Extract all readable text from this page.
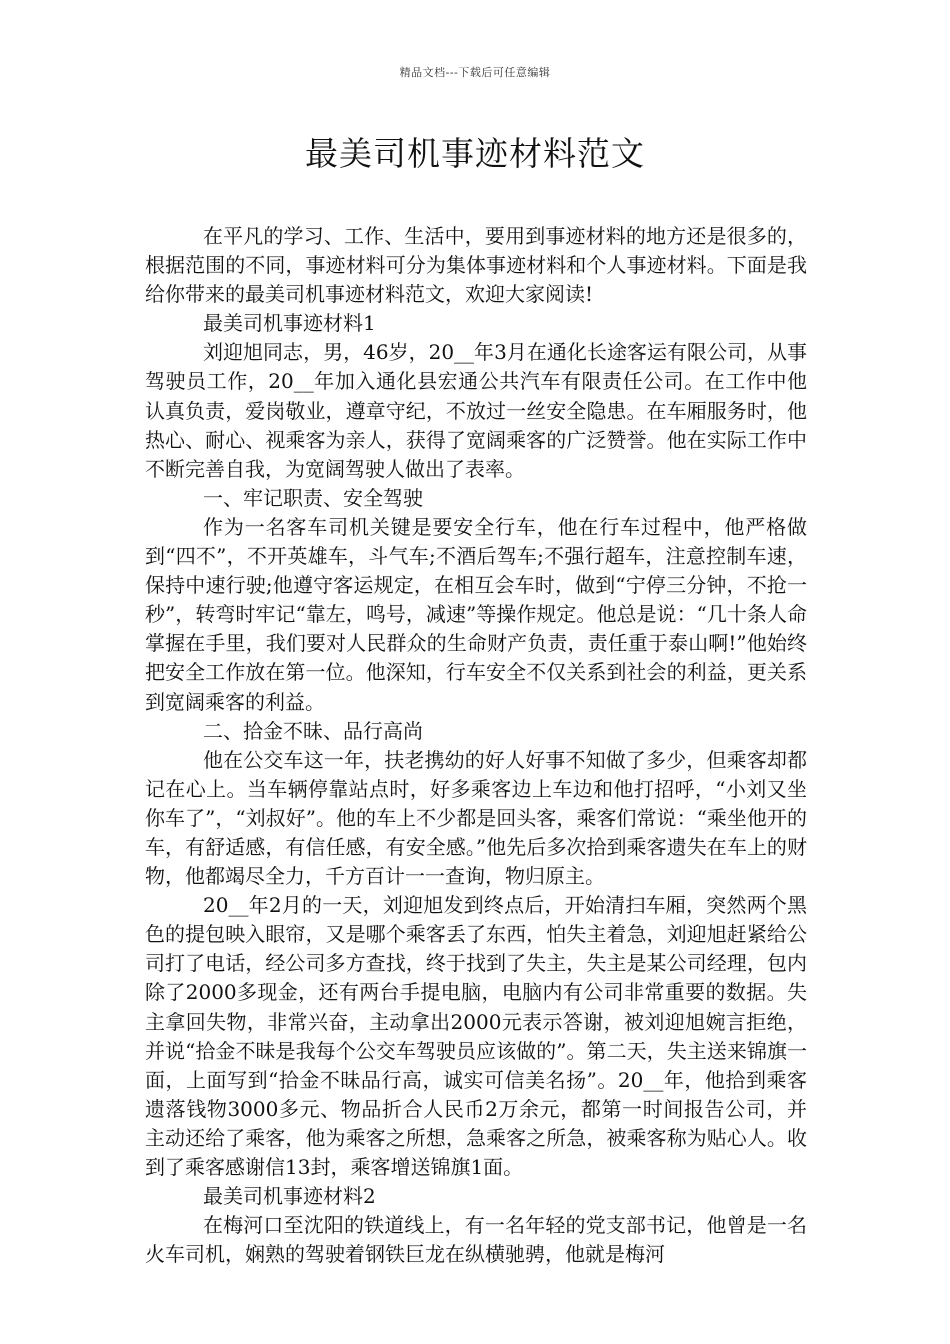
精品文档---下载后可任意编辑
最美司机事迹材料范文

在平凡的学习、工作、生活中，要用到事迹材料的地方还是很多的，根据范围的不同，事迹材料可分为集体事迹材料和个人事迹材料。下面是我给你带来的最美司机事迹材料范文，欢迎大家阅读!

最美司机事迹材料1

刘迎旭同志，男，46岁，20__年3月在通化长途客运有限公司，从事驾驶员工作，20__年加入通化县宏通公共汽车有限责任公司。在工作中他认真负责，爱岗敬业，遵章守纪，不放过一丝安全隐患。在车厢服务时，他热心、耐心、视乘客为亲人，获得了宽阔乘客的广泛赞誉。他在实际工作中不断完善自我，为宽阔驾驶人做出了表率。

一、牢记职责、安全驾驶

作为一名客车司机关键是要安全行车，他在行车过程中，他严格做到“四不”，不开英雄车，斗气车;不酒后驾车;不强行超车，注意控制车速，保持中速行驶;他遵守客运规定，在相互会车时，做到“宁停三分钟，不抢一秒”，转弯时牢记“靠左，鸣号，减速”等操作规定。他总是说：“几十条人命掌握在手里，我们要对人民群众的生命财产负责，责任重于泰山啊!”他始终把安全工作放在第一位。他深知，行车安全不仅关系到社会的利益，更关系到宽阔乘客的利益。

二、拾金不昧、品行高尚

他在公交车这一年，扶老携幼的好人好事不知做了多少，但乘客却都记在心上。当车辆停靠站点时，好多乘客边上车边和他打招呼，“小刘又坐你车了”，“刘叔好”。他的车上不少都是回头客，乘客们常说：“乘坐他开的车，有舒适感，有信任感，有安全感。”他先后多次拾到乘客遗失在车上的财物，他都竭尽全力，千方百计一一查询，物归原主。

20__年2月的一天，刘迎旭发到终点后，开始清扫车厢，突然两个黑色的提包映入眼帘，又是哪个乘客丢了东西，怕失主着急，刘迎旭赶紧给公司打了电话，经公司多方查找，终于找到了失主，失主是某公司经理，包内除了2000多现金，还有两台手提电脑，电脑内有公司非常重要的数据。失主拿回失物，非常兴奋，主动拿出2000元表示答谢，被刘迎旭婉言拒绝，并说“拾金不昧是我每个公交车驾驶员应该做的”。第二天，失主送来锦旗一面，上面写到“拾金不昧品行高，诚实可信美名扬”。20__年，他拾到乘客遗落钱物3000多元、物品折合人民币2万余元，都第一时间报告公司，并主动还给了乘客，他为乘客之所想，急乘客之所急，被乘客称为贴心人。收到了乘客感谢信13封，乘客增送锦旗1面。

最美司机事迹材料2

在梅河口至沈阳的铁道线上，有一名年轻的党支部书记，他曾是一名火车司机，娴熟的驾驶着钢铁巨龙在纵横驰骋，他就是梅河
